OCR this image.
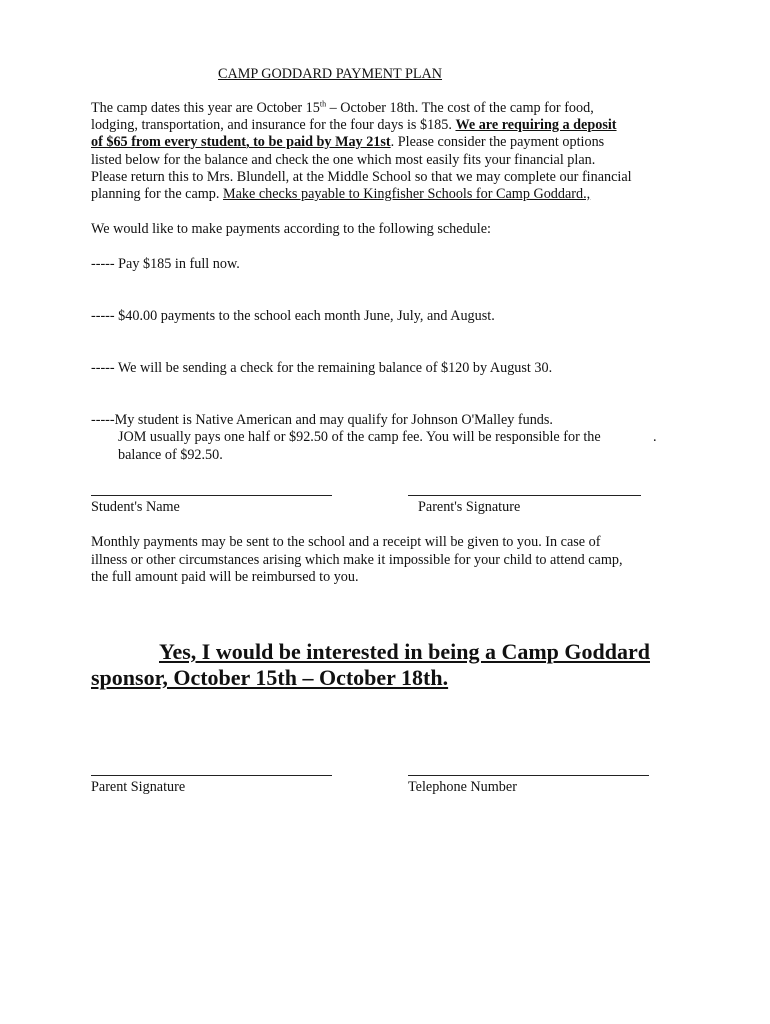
CAMP GODDARD PAYMENT PLAN
The camp dates this year are October 15th – October 18th. The cost of the camp for food,
lodging, transportation, and insurance for the four days is $185. We are requiring a deposit
of $65 from every student, to be paid by May 21st. Please consider the payment options
listed below for the balance and check the one which most easily fits your financial plan.
Please return this to Mrs. Blundell, at the Middle School so that we may complete our financial
planning for the camp. Make checks payable to Kingfisher Schools for Camp Goddard.,
We would like to make payments according to the following schedule:
----- Pay $185 in full now.
----- $40.00 payments to the school each month June, July, and August.
----- We will be sending a check for the remaining balance of $120 by August 30.
-----My student is Native American and may qualify for Johnson O'Malley funds.
JOM usually pays one half or $92.50 of the camp fee. You will be responsible for the	.
balance of $92.50.
Student's Name	Parent's Signature
Monthly payments may be sent to the school and a receipt will be given to you. In case of
illness or other circumstances arising which make it impossible for your child to attend camp,
the full amount paid will be reimbursed to you.
Yes, I would be interested in being a Camp Goddard
sponsor, October 15th – October 18th.
Parent Signature	Telephone Number
